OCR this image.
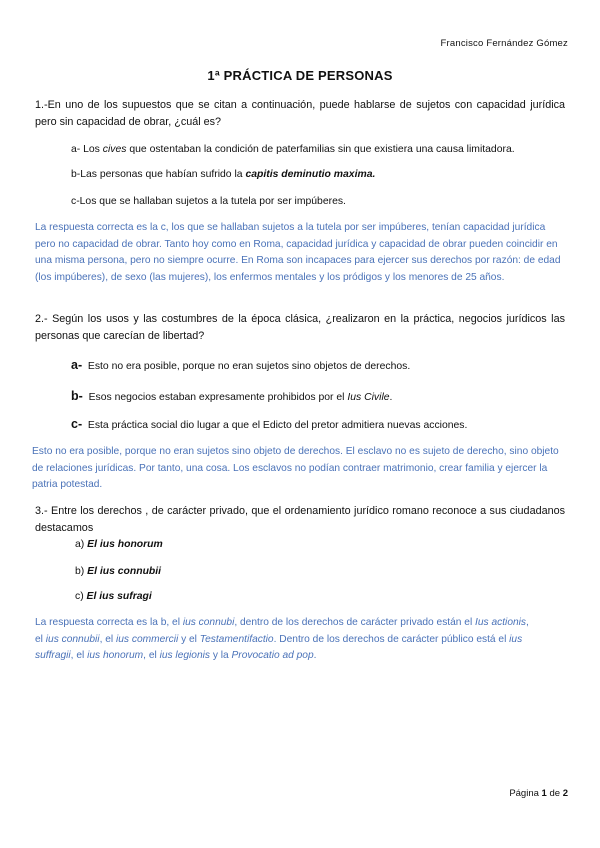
Francisco Fernández Gómez
1ª PRÁCTICA DE PERSONAS
1.-En uno de los supuestos que se citan a continuación, puede hablarse de sujetos con capacidad jurídica pero sin capacidad de obrar, ¿cuál es?
a- Los cives que ostentaban la condición de paterfamilias sin que existiera una causa limitadora.
b-Las personas que habían sufrido la capitis deminutio maxima.
c-Los que se hallaban sujetos a la tutela por ser impúberes.
La respuesta correcta es la c, los que se hallaban sujetos a la tutela por ser impúberes, tenían capacidad jurídica pero no capacidad de obrar. Tanto hoy como en Roma, capacidad jurídica y capacidad de obrar pueden coincidir en una misma persona, pero no siempre ocurre. En Roma son incapaces para ejercer sus derechos por razón: de edad (los impúberes), de sexo (las mujeres), los enfermos mentales y los pródigos y los menores de 25 años.
2.- Según los usos y las costumbres de la época clásica, ¿realizaron en la práctica, negocios jurídicos las personas que carecían de libertad?
a- Esto no era posible, porque no eran sujetos sino objetos de derechos.
b- Esos negocios estaban expresamente prohibidos por el Ius Civile.
c- Esta práctica social dio lugar a que el Edicto del pretor admitiera nuevas acciones.
Esto no era posible, porque no eran sujetos sino objeto de derechos. El esclavo no es sujeto de derecho, sino objeto de relaciones jurídicas. Por tanto, una cosa. Los esclavos no podían contraer matrimonio, crear familia y ejercer la patria potestad.
3.- Entre los derechos , de carácter privado, que el ordenamiento jurídico romano reconoce a sus ciudadanos destacamos
a) El ius honorum
b) El ius connubii
c) El ius sufragi
La respuesta correcta es la b, el ius connubi, dentro de los derechos de carácter privado están el Ius actionis, el ius connubii, el ius commercii y el Testamentifactio. Dentro de los derechos de carácter público está el ius suffragii, el ius honorum, el ius legionis y la Provocatio ad pop.
Página 1 de 2
